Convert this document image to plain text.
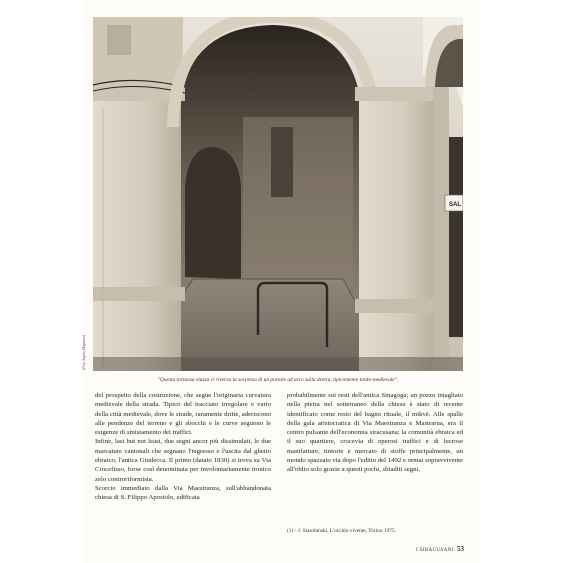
SAL
(Foto Angelo Magnano)
"Questa tortuosa viuzza ci riserva la sorpresa di un portale ad arco sulla destra, tipicamente tardo-medievale".

del prospetto della costruzione, che segue l'originaria curvatura medievale della strada. Tipico del tracciato irregolare e vario della città medievale, dove le strade, raramente dritte, aderiscono alle pendenze del terreno e gli sbocchi e le curve seguono le esigenze di smistamento dei traffici.

Infine, last but not least, due segni ancor più dissimulati, le due marcature cantonali che segnano l'ingresso e l'uscita dal ghetto ebraico, l'antica Giudecca. Il primo (datato 1830) si trova su Via Crocefisso, forse così denominata per involontariamente ironico zelo controriformista.

Scorcio immediato dalla Via Maestranza, sull'abbandonata chiesa di S. Filippo Apostolo, edificata

probabilmente sui resti dell'antica Sinagoga; un pozzo intagliato nella pietra nel sotterraneo della chiesa è stato di recente identificato come resto del bagno rituale, il mikvè. Alle spalle della gala aristocratica di Via Maestranza e Mastrarua, era il centro pulsante dell'economia siracusana; la comunità ebraica ed il suo quartiere, crocevia di operosi traffici e di lucrose manifatture, tintorie e mercato di stoffe principalmente, un mondo spazzato via dopo l'editto del 1492 e ormai sopravvivente all'oblio solo grazie a questi pochi, sbiaditi segni.

(1) - J. Starobinski, L'occhio vivente, Torino 1975.
I SIRACUSANI 53
